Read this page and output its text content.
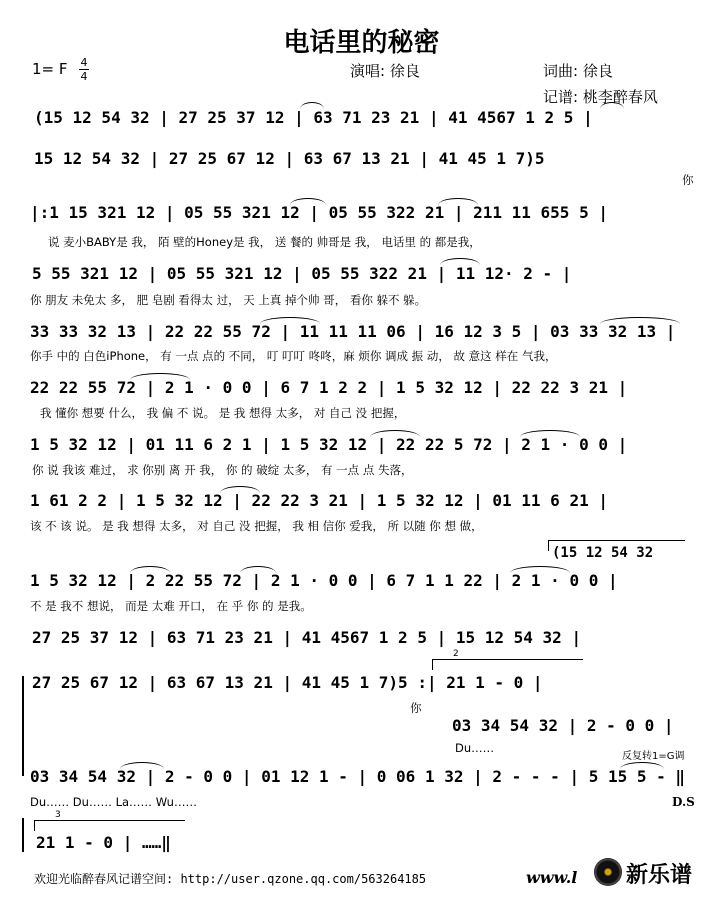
电话里的秘密
1= F 4
4	演唱: 徐良	词曲: 徐良
记谱: 桃李醉春风
(15 12 54 32 | 27 25 37 12 | 63 71 23 21 | 41 4567 1 2 5 |
15 12 54 32 | 27 25 67 12 | 63 67 13 21 | 41 45 1 7)5
你
|:1 15 321 12 | 05 55 321 12 | 05 55 322 21 | 211 11 655 5 |
说 麦小BABY是 我， 陌 壁的Honey是 我， 送 餐的 帅哥是 我， 电话里 的 都是我，
5 55 321 12 | 05 55 321 12 | 05 55 322 21 | 11 12· 2 - |
你 朋友 未免太 多， 肥 皂剧 看得太 过， 天 上真 掉个帅 哥， 看你 躲不 躲。
33 33 32 13 | 22 22 55 72 | 11 11 11 06 | 16 12 3 5 | 03 33 32 13 |
你手 中的 白色iPhone， 有 一点 点的 不同， 叮 叮叮 咚咚，麻 烦你 调成 振 动， 故 意这 样在 气我，
22 22 55 72 | 2 1 · 0 0 | 6 7 1 2 2 | 1 5 32 12 | 22 22 3 21 |
我 懂你 想要 什么， 我 偏 不 说。 是 我 想得 太多， 对 自己 没 把握，
1 5 32 12 | 01 11 6 2 1 | 1 5 32 12 | 22 22 5 72 | 2 1 · 0 0 |
你 说 我该 难过， 求 你别 离 开 我， 你 的 破绽 太多， 有 一点 点 失落，
1 61 2 2 | 1 5 32 12 | 22 22 3 21 | 1 5 32 12 | 01 11 6 21 |
该 不 该 说。 是 我 想得 太多， 对 自己 没 把握， 我 相 信你 爱我， 所 以随 你 想 做，
(15 12 54 32
1 5 32 12 | 2 22 55 72 | 2 1 · 0 0 | 6 7 1 1 22 | 2 1 · 0 0 |
不 是 我不 想说， 而是 太难 开口， 在 乎 你 的 是我。
27 25 37 12 | 63 71 23 21 | 41 4567 1 2 5 | 15 12 54 32 |
27 25 67 12 | 63 67 13 21 | 41 45 1 7)5 :| 21 1 - 0 |
你
03 34 54 32 | 2 - 0 0 |
Du……
反复转1=G调
03 34 54 32 | 2 - 0 0 | 01 12 1 - | 0 06 1 32 | 2 - - - | 5 15 5 - ‖
Du…… Du…… La…… Wu……	D.S
21 1 - 0 | ……‖
2
3
欢迎光临醉春风记谱空间: http://user.qzone.qq.com/563264185	www.l 新乐谱
